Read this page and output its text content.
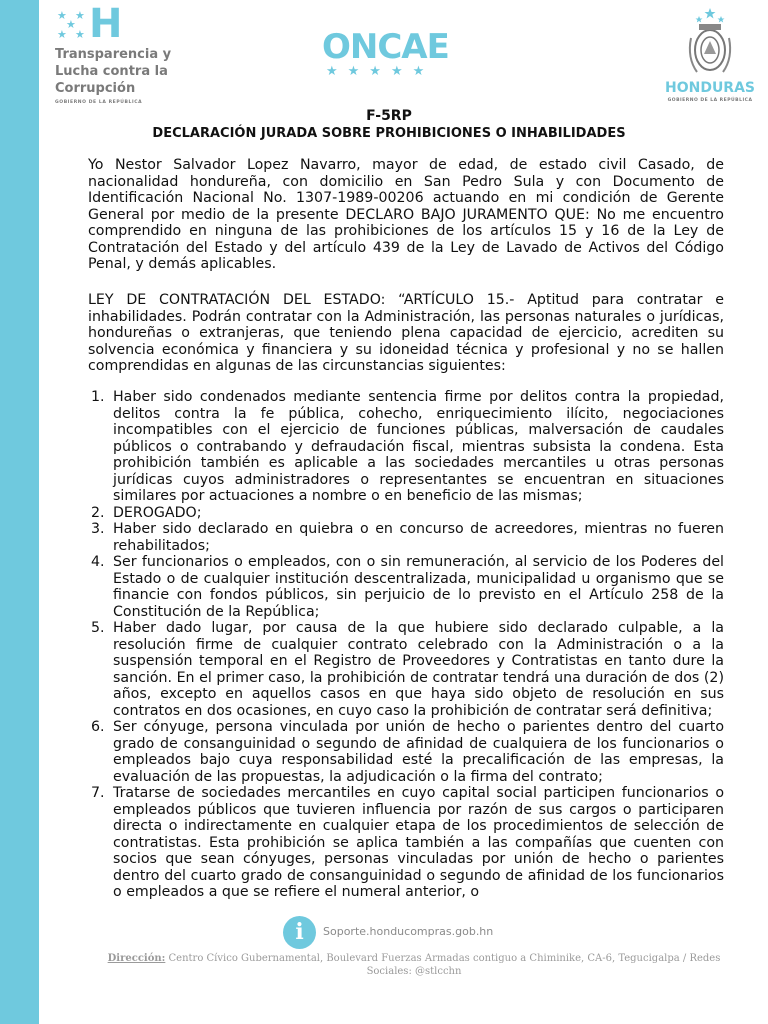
★ ★
★
★ ★ H
Transparencia y
Lucha contra la
Corrupción
GOBIERNO DE LA REPÚBLICA
ONCAE
★★★★★
HONDURAS
GOBIERNO DE LA REPÚBLICA
F-5RP
DECLARACIÓN JURADA SOBRE PROHIBICIONES O INHABILIDADES
Yo Nestor Salvador Lopez Navarro, mayor de edad, de estado civil Casado, de nacionalidad hondureña, con domicilio en San Pedro Sula y con Documento de Identificación Nacional No. 1307-1989-00206 actuando en mi condición de Gerente General por medio de la presente DECLARO BAJO JURAMENTO QUE: No me encuentro comprendido en ninguna de las prohibiciones de los artículos 15 y 16 de la Ley de Contratación del Estado y del artículo 439 de la Ley de Lavado de Activos del Código Penal, y demás aplicables.
LEY DE CONTRATACIÓN DEL ESTADO: “ARTÍCULO 15.- Aptitud para contratar e inhabilidades. Podrán contratar con la Administración, las personas naturales o jurídicas, hondureñas o extranjeras, que teniendo plena capacidad de ejercicio, acrediten su solvencia económica y financiera y su idoneidad técnica y profesional y no se hallen comprendidas en algunas de las circunstancias siguientes:
1. Haber sido condenados mediante sentencia firme por delitos contra la propiedad, delitos contra la fe pública, cohecho, enriquecimiento ilícito, negociaciones incompatibles con el ejercicio de funciones públicas, malversación de caudales públicos o contrabando y defraudación fiscal, mientras subsista la condena. Esta prohibición también es aplicable a las sociedades mercantiles u otras personas jurídicas cuyos administradores o representantes se encuentran en situaciones similares por actuaciones a nombre o en beneficio de las mismas;
2. DEROGADO;
3. Haber sido declarado en quiebra o en concurso de acreedores, mientras no fueren rehabilitados;
4. Ser funcionarios o empleados, con o sin remuneración, al servicio de los Poderes del Estado o de cualquier institución descentralizada, municipalidad u organismo que se financie con fondos públicos, sin perjuicio de lo previsto en el Artículo 258 de la Constitución de la República;
5. Haber dado lugar, por causa de la que hubiere sido declarado culpable, a la resolución firme de cualquier contrato celebrado con la Administración o a la suspensión temporal en el Registro de Proveedores y Contratistas en tanto dure la sanción. En el primer caso, la prohibición de contratar tendrá una duración de dos (2) años, excepto en aquellos casos en que haya sido objeto de resolución en sus contratos en dos ocasiones, en cuyo caso la prohibición de contratar será definitiva;
6. Ser cónyuge, persona vinculada por unión de hecho o parientes dentro del cuarto grado de consanguinidad o segundo de afinidad de cualquiera de los funcionarios o empleados bajo cuya responsabilidad esté la precalificación de las empresas, la evaluación de las propuestas, la adjudicación o la firma del contrato;
7. Tratarse de sociedades mercantiles en cuyo capital social participen funcionarios o empleados públicos que tuvieren influencia por razón de sus cargos o participaren directa o indirectamente en cualquier etapa de los procedimientos de selección de contratistas. Esta prohibición se aplica también a las compañías que cuenten con socios que sean cónyuges, personas vinculadas por unión de hecho o parientes dentro del cuarto grado de consanguinidad o segundo de afinidad de los funcionarios o empleados a que se refiere el numeral anterior, o
i	Soporte.honducompras.gob.hn
Dirección: Centro Cívico Gubernamental, Boulevard Fuerzas Armadas contiguo a Chiminike, CA-6, Tegucigalpa / Redes Sociales: @stlcchn
